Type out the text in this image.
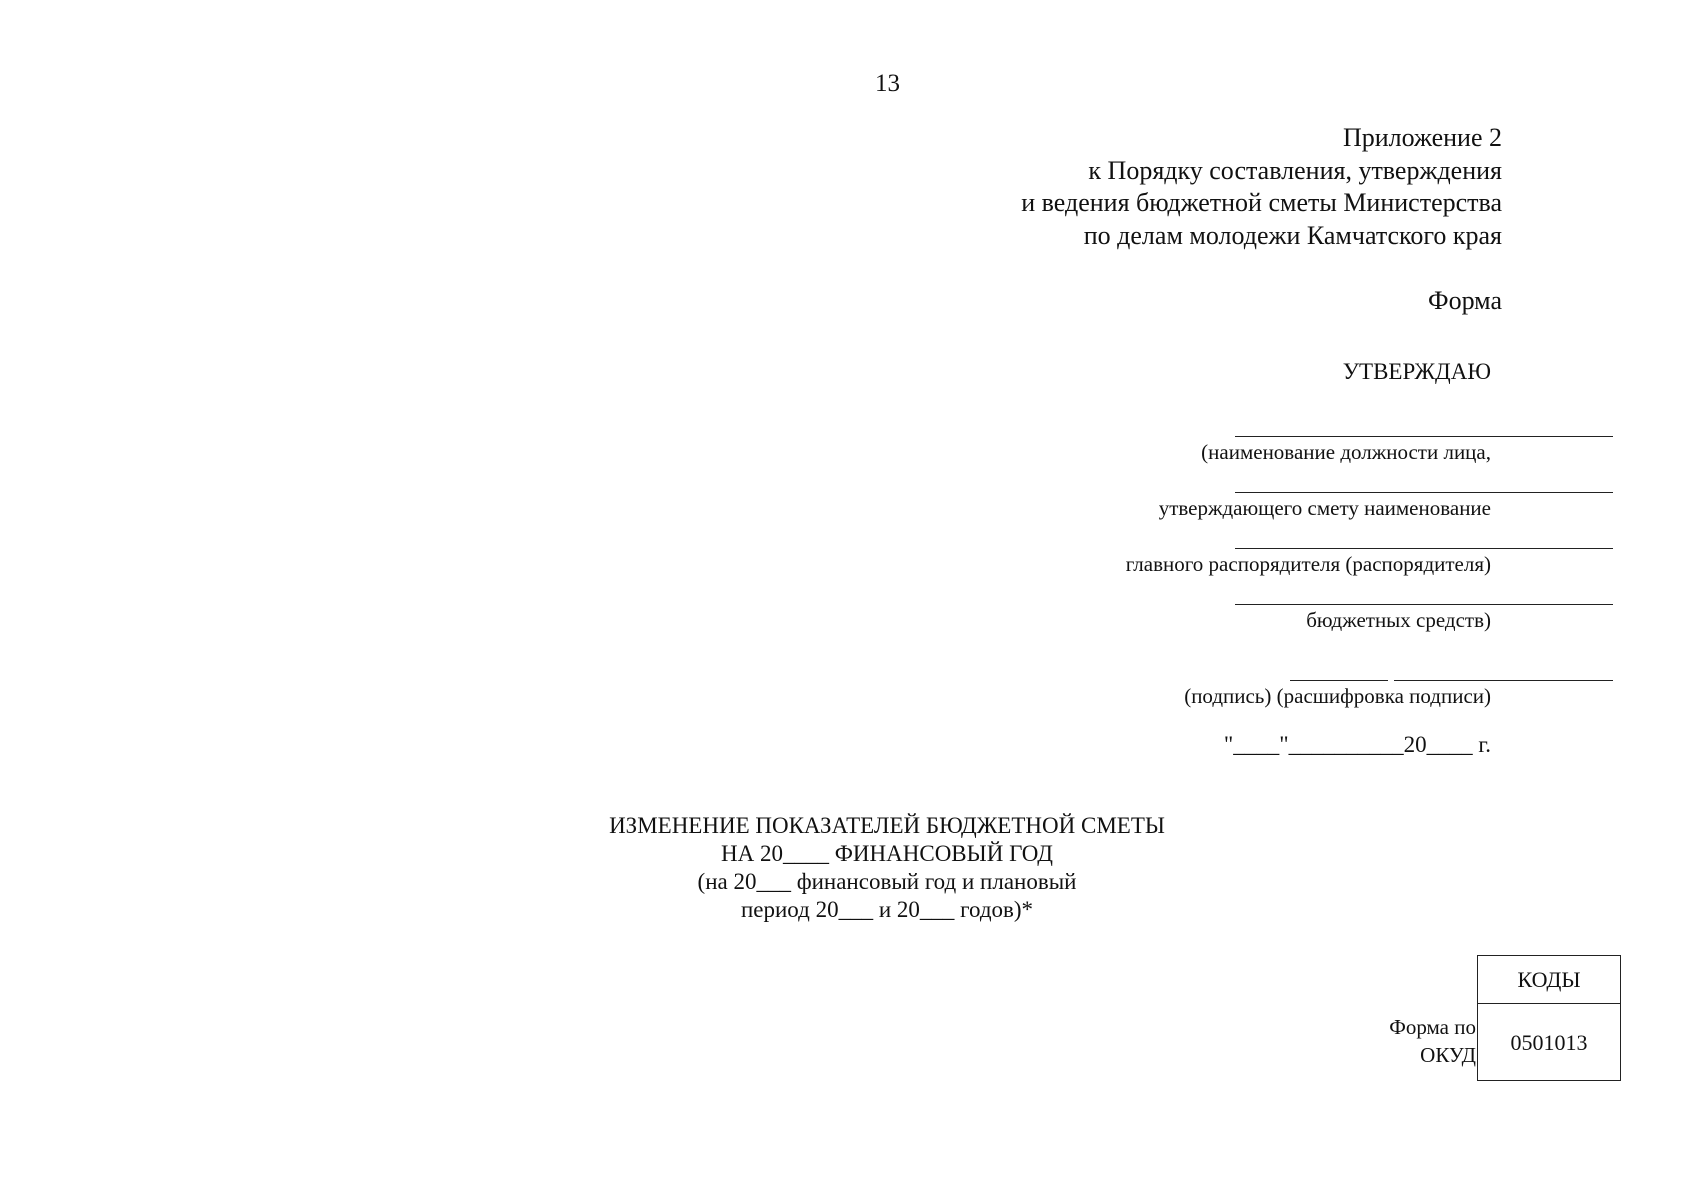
13
Приложение 2
к Порядку составления, утверждения
и ведения бюджетной сметы Министерства
по делам молодежи Камчатского края
Форма
УТВЕРЖДАЮ
(наименование должности лица,
утверждающего смету наименование
главного распорядителя (распорядителя)
бюджетных средств)
(подпись) (расшифровка подписи)
"____"__________20____ г.
ИЗМЕНЕНИЕ ПОКАЗАТЕЛЕЙ БЮДЖЕТНОЙ СМЕТЫ
НА 20____ ФИНАНСОВЫЙ ГОД
(на 20___ финансовый год и плановый
период 20___ и 20___ годов)*
Форма по
ОКУД
КОДЫ
0501013
